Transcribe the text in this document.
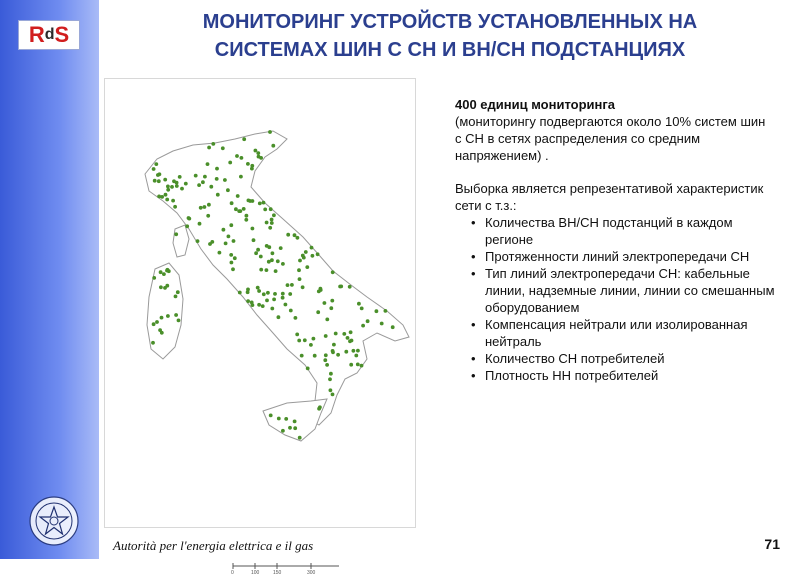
R d S	МОНИТОРИНГ УСТРОЙСТВ УСТАНОВЛЕННЫХ НА
СИСТЕМАХ ШИН С СН И ВН/СН ПОДСТАНЦИЯХ
0	100	150	300

400 единиц мониторинга

(мониторингу подвергаются около 10% систем шин с СН в сетях распределения со средним напряжением) .

Выборка является репрезентативой характеристик сети с т.з.:

• Количества ВН/СН подстанций в каждом регионе
• Протяженности линий электропередачи СН
• Тип линий электропередачи СН: кабельные линии, надземные линии, линии со смешанным оборудованием
• Компенсация нейтрали или изолированная нейтраль
• Количество СН потребителей
• Плотность НН потребителей
Autorità per l'energia elettrica e il gas	71
